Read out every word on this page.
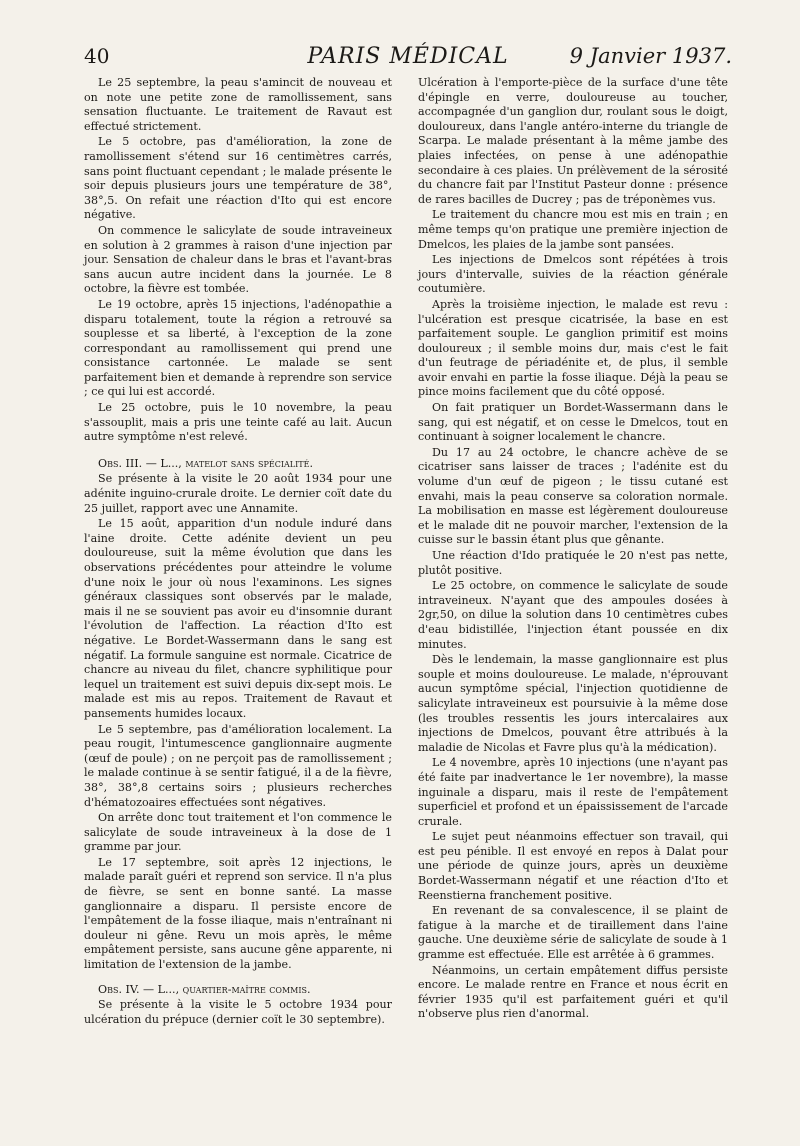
40	PARIS MÉDICAL	9 Janvier 1937.

Le 25 septembre, la peau s'amincit de nouveau et on note une petite zone de ramollissement, sans sensation fluctuante. Le traitement de Ravaut est effectué strictement.

Le 5 octobre, pas d'amélioration, la zone de ramollissement s'étend sur 16 centimètres carrés, sans point fluctuant cependant ; le malade présente le soir depuis plusieurs jours une température de 38°, 38°,5. On refait une réaction d'Ito qui est encore négative.

On commence le salicylate de soude intraveineux en solution à 2 grammes à raison d'une injection par jour. Sensation de chaleur dans le bras et l'avant-bras sans aucun autre incident dans la journée. Le 8 octobre, la fièvre est tombée.

Le 19 octobre, après 15 injections, l'adénopathie a disparu totalement, toute la région a retrouvé sa souplesse et sa liberté, à l'exception de la zone correspondant au ramollissement qui prend une consistance cartonnée. Le malade se sent parfaitement bien et demande à reprendre son service ; ce qui lui est accordé.

Le 25 octobre, puis le 10 novembre, la peau s'assouplit, mais a pris une teinte café au lait. Aucun autre symptôme n'est relevé.

Obs. III. — L..., matelot sans spécialité.

Se présente à la visite le 20 août 1934 pour une adénite inguino-crurale droite. Le dernier coït date du 25 juillet, rapport avec une Annamite.

Le 15 août, apparition d'un nodule induré dans l'aine droite. Cette adénite devient un peu douloureuse, suit la même évolution que dans les observations précédentes pour atteindre le volume d'une noix le jour où nous l'examinons. Les signes généraux classiques sont observés par le malade, mais il ne se souvient pas avoir eu d'insomnie durant l'évolution de l'affection. La réaction d'Ito est négative. Le Bordet-Wassermann dans le sang est négatif. La formule sanguine est normale. Cicatrice de chancre au niveau du filet, chancre syphilitique pour lequel un traitement est suivi depuis dix-sept mois. Le malade est mis au repos. Traitement de Ravaut et pansements humides locaux.

Le 5 septembre, pas d'amélioration localement. La peau rougit, l'intumescence ganglionnaire augmente (œuf de poule) ; on ne perçoit pas de ramollissement ; le malade continue à se sentir fatigué, il a de la fièvre, 38°, 38°,8 certains soirs ; plusieurs recherches d'hématozoaires effectuées sont négatives.

On arrête donc tout traitement et l'on commence le salicylate de soude intraveineux à la dose de 1 gramme par jour.

Le 17 septembre, soit après 12 injections, le malade paraît guéri et reprend son service. Il n'a plus de fièvre, se sent en bonne santé. La masse ganglionnaire a disparu. Il persiste encore de l'empâtement de la fosse iliaque, mais n'entraînant ni douleur ni gêne. Revu un mois après, le même empâtement persiste, sans aucune gêne apparente, ni limitation de l'extension de la jambe.

Obs. IV. — L..., quartier-maître commis.

Se présente à la visite le 5 octobre 1934 pour ulcération du prépuce (dernier coït le 30 septembre).

Ulcération à l'emporte-pièce de la surface d'une tête d'épingle en verre, douloureuse au toucher, accompagnée d'un ganglion dur, roulant sous le doigt, douloureux, dans l'angle antéro-interne du triangle de Scarpa. Le malade présentant à la même jambe des plaies infectées, on pense à une adénopathie secondaire à ces plaies. Un prélèvement de la sérosité du chancre fait par l'Institut Pasteur donne : présence de rares bacilles de Ducrey ; pas de tréponèmes vus.

Le traitement du chancre mou est mis en train ; en même temps qu'on pratique une première injection de Dmelcos, les plaies de la jambe sont pansées.

Les injections de Dmelcos sont répétées à trois jours d'intervalle, suivies de la réaction générale coutumière.

Après la troisième injection, le malade est revu : l'ulcération est presque cicatrisée, la base en est parfaitement souple. Le ganglion primitif est moins douloureux ; il semble moins dur, mais c'est le fait d'un feutrage de périadénite et, de plus, il semble avoir envahi en partie la fosse iliaque. Déjà la peau se pince moins facilement que du côté opposé.

On fait pratiquer un Bordet-Wassermann dans le sang, qui est négatif, et on cesse le Dmelcos, tout en continuant à soigner localement le chancre.

Du 17 au 24 octobre, le chancre achève de se cicatriser sans laisser de traces ; l'adénite est du volume d'un œuf de pigeon ; le tissu cutané est envahi, mais la peau conserve sa coloration normale. La mobilisation en masse est légèrement douloureuse et le malade dit ne pouvoir marcher, l'extension de la cuisse sur le bassin étant plus que gênante.

Une réaction d'Ido pratiquée le 20 n'est pas nette, plutôt positive.

Le 25 octobre, on commence le salicylate de soude intraveineux. N'ayant que des ampoules dosées à 2gr,50, on dilue la solution dans 10 centimètres cubes d'eau bidistillée, l'injection étant poussée en dix minutes.

Dès le lendemain, la masse ganglionnaire est plus souple et moins douloureuse. Le malade, n'éprouvant aucun symptôme spécial, l'injection quotidienne de salicylate intraveineux est poursuivie à la même dose (les troubles ressentis les jours intercalaires aux injections de Dmelcos, pouvant être attribués à la maladie de Nicolas et Favre plus qu'à la médication).

Le 4 novembre, après 10 injections (une n'ayant pas été faite par inadvertance le 1er novembre), la masse inguinale a disparu, mais il reste de l'empâtement superficiel et profond et un épaississement de l'arcade crurale.

Le sujet peut néanmoins effectuer son travail, qui est peu pénible. Il est envoyé en repos à Dalat pour une période de quinze jours, après un deuxième Bordet-Wassermann négatif et une réaction d'Ito et Reenstierna franchement positive.

En revenant de sa convalescence, il se plaint de fatigue à la marche et de tiraillement dans l'aine gauche. Une deuxième série de salicylate de soude à 1 gramme est effectuée. Elle est arrêtée à 6 grammes.

Néanmoins, un certain empâtement diffus persiste encore. Le malade rentre en France et nous écrit en février 1935 qu'il est parfaitement guéri et qu'il n'observe plus rien d'anormal.
